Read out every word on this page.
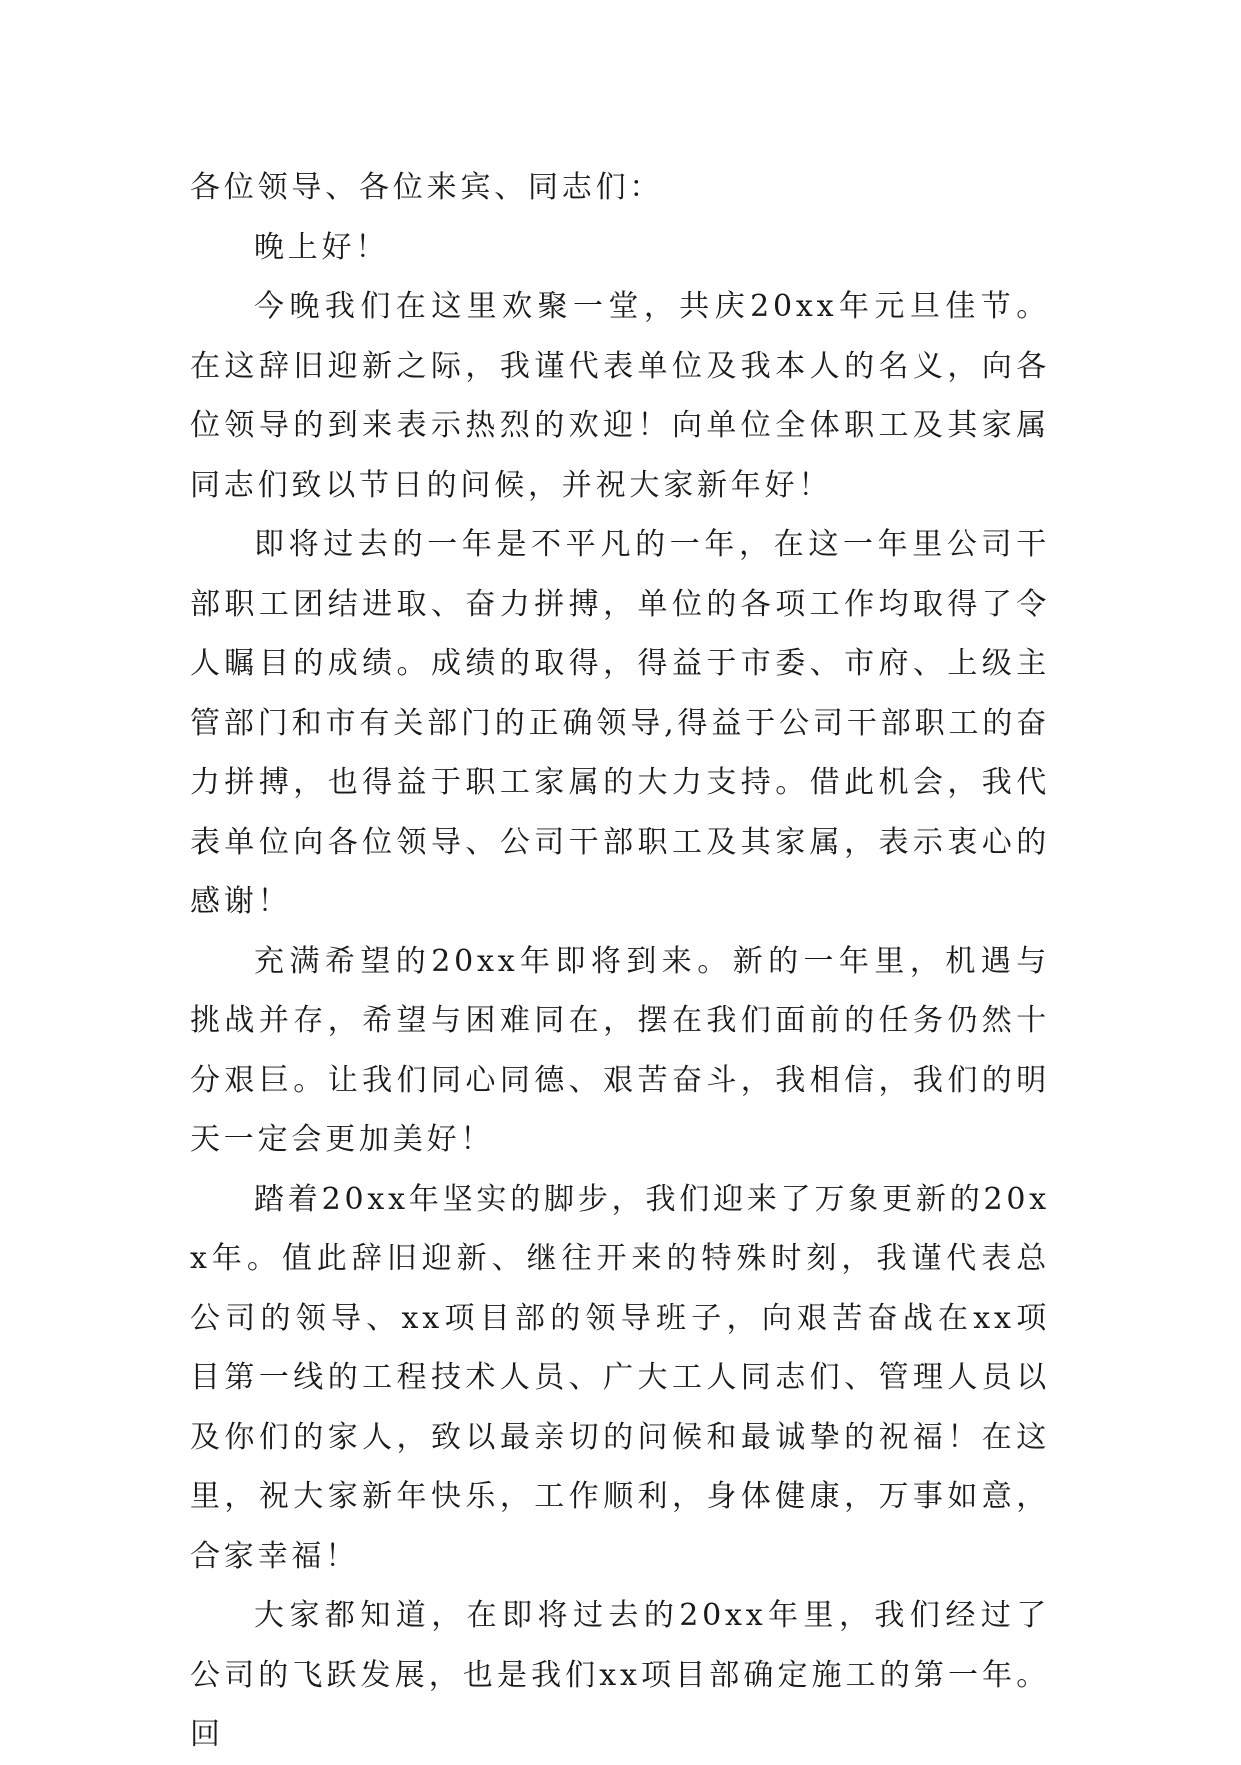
各位领导、各位来宾、同志们：

晚上好！

今晚我们在这里欢聚一堂，共庆20xx年元旦佳节。在这辞旧迎新之际，我谨代表单位及我本人的名义，向各位领导的到来表示热烈的欢迎！向单位全体职工及其家属同志们致以节日的问候，并祝大家新年好！

即将过去的一年是不平凡的一年，在这一年里公司干部职工团结进取、奋力拼搏，单位的各项工作均取得了令人瞩目的成绩。成绩的取得，得益于市委、市府、上级主管部门和市有关部门的正确领导,得益于公司干部职工的奋力拼搏，也得益于职工家属的大力支持。借此机会，我代表单位向各位领导、公司干部职工及其家属，表示衷心的感谢！

充满希望的20xx年即将到来。新的一年里，机遇与挑战并存，希望与困难同在，摆在我们面前的任务仍然十分艰巨。让我们同心同德、艰苦奋斗，我相信，我们的明天一定会更加美好！

踏着20xx年坚实的脚步，我们迎来了万象更新的20xx年。值此辞旧迎新、继往开来的特殊时刻，我谨代表总公司的领导、xx项目部的领导班子，向艰苦奋战在xx项目第一线的工程技术人员、广大工人同志们、管理人员以及你们的家人，致以最亲切的问候和最诚挚的祝福！在这里，祝大家新年快乐，工作顺利，身体健康，万事如意，合家幸福！

大家都知道，在即将过去的20xx年里，我们经过了公司的飞跃发展，也是我们xx项目部确定施工的第一年。回
